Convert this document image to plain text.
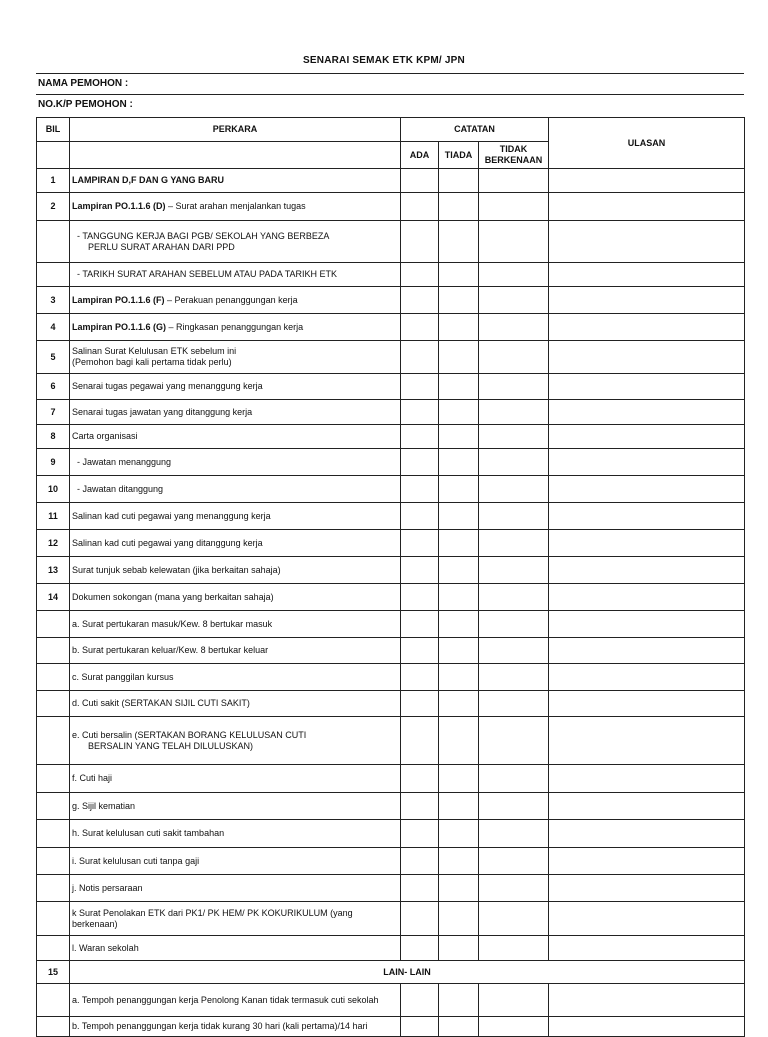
SENARAI SEMAK ETK KPM/ JPN
NAMA PEMOHON :
NO.K/P PEMOHON :
BIL	PERKARA	CATATAN			ULASAN
		ADA	TIADA	TIDAK
BERKENAAN	

1	LAMPIRAN D,F DAN G YANG BARU				

2	Lampiran PO.1.1.6 (D) – Surat arahan menjalankan tugas				

	- TANGGUNG KERJA BAGI PGB/ SEKOLAH YANG BERBEZA
PERLU SURAT ARAHAN DARI PPD				

	- TARIKH SURAT ARAHAN SEBELUM ATAU PADA TARIKH ETK				

3	Lampiran PO.1.1.6 (F) – Perakuan penanggungan kerja				

4	Lampiran PO.1.1.6 (G) – Ringkasan penanggungan kerja				

5	Salinan Surat Kelulusan ETK sebelum ini
(Pemohon bagi kali pertama tidak perlu)				

6	Senarai tugas pegawai yang menanggung kerja				

7	Senarai tugas jawatan yang ditanggung kerja				

8	Carta organisasi				

9	- Jawatan menanggung				

10	- Jawatan ditanggung				

11	Salinan kad cuti pegawai yang menanggung kerja				

12	Salinan kad cuti pegawai yang ditanggung kerja				

13	Surat tunjuk sebab kelewatan (jika berkaitan sahaja)				

14	Dokumen sokongan (mana yang berkaitan sahaja)				

	a. Surat pertukaran masuk/Kew. 8 bertukar masuk				

	b. Surat pertukaran keluar/Kew. 8 bertukar keluar				

	c. Surat panggilan kursus				

	d. Cuti sakit (SERTAKAN SIJIL CUTI SAKIT)				

	e. Cuti bersalin (SERTAKAN BORANG KELULUSAN CUTI
BERSALIN YANG TELAH DILULUSKAN)				

	f. Cuti haji				

	g. Sijil kematian				

	h. Surat kelulusan cuti sakit tambahan				

	i. Surat kelulusan cuti tanpa gaji				

	j. Notis persaraan				

	k Surat Penolakan ETK dari PK1/ PK HEM/ PK KOKURIKULUM (yang
berkenaan)				

	l. Waran sekolah				

15	LAIN- LAIN				

	a. Tempoh penanggungan kerja Penolong Kanan tidak termasuk cuti sekolah				

	b. Tempoh penanggungan kerja tidak kurang 30 hari (kali pertama)/14 hari				
